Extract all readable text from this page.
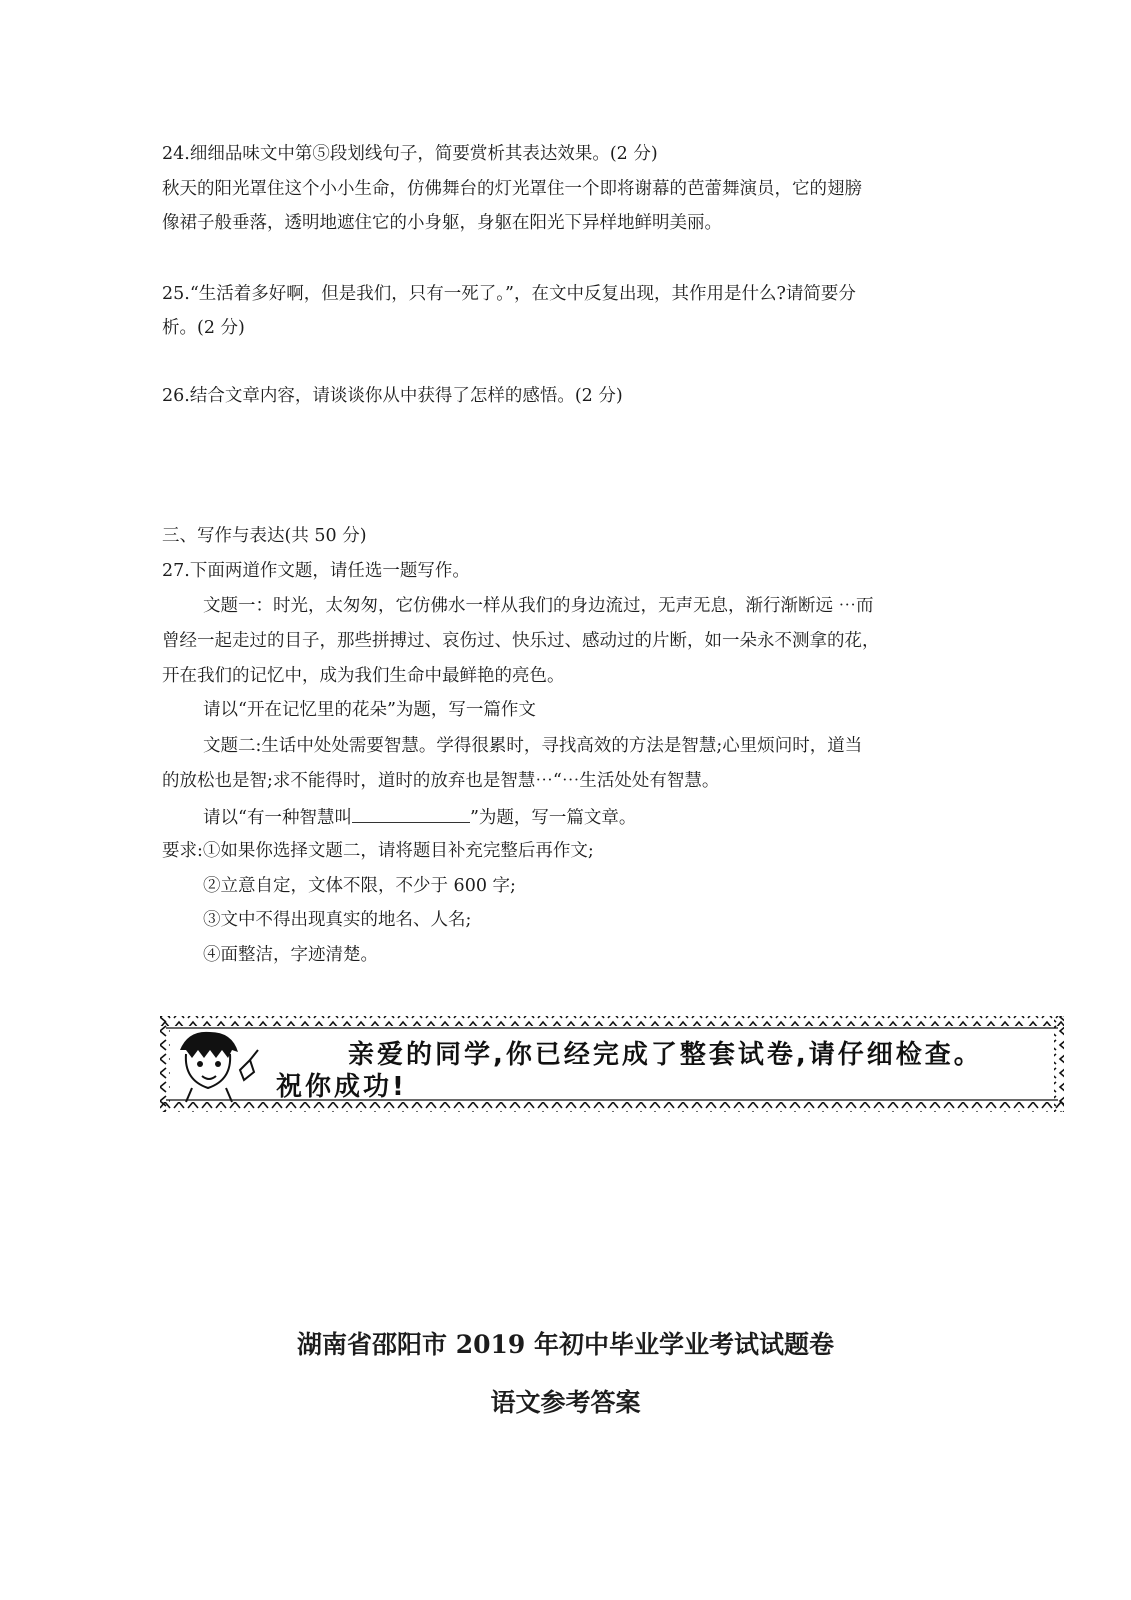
24.细细品味文中第⑤段划线句子，简要赏析其表达效果。(2 分)
秋天的阳光罩住这个小小生命，仿佛舞台的灯光罩住一个即将谢幕的芭蕾舞演员，它的翅膀
像裙子般垂落，透明地遮住它的小身躯，身躯在阳光下异样地鲜明美丽。
25.“生活着多好啊，但是我们，只有一死了。”，在文中反复出现，其作用是什么?请简要分
析。(2 分)
26.结合文章内容，请谈谈你从中获得了怎样的感悟。(2 分)
三、写作与表达(共 50 分)
27.下面两道作文题，请任选一题写作。
文题一：时光，太匆匆，它仿佛水一样从我们的身边流过，无声无息，渐行渐断远 ⋯而
曾经一起走过的目子，那些拼搏过、哀伤过、快乐过、感动过的片断，如一朵永不测拿的花，
开在我们的记忆中，成为我们生命中最鲜艳的亮色。
请以“开在记忆里的花朵”为题，写一篇作文
文题二:生话中处处需要智慧。学得很累时，寻找高效的方法是智慧;心里烦问时，道当
的放松也是智;求不能得时，道时的放弃也是智慧⋯“⋯生活处处有智慧。
请以“有一种智慧叫	”为题，写一篇文章。
要求:①如果你选择文题二，请将题目补充完整后再作文;
②立意自定，文体不限，不少于 600 字;
③文中不得出现真实的地名、人名;
④面整洁，字迹清楚。
亲爱的同学,你已经完成了整套试卷,请仔细检查。
祝你成功!
湖南省邵阳市 2019 年初中毕业学业考试试题卷
语文参考答案
